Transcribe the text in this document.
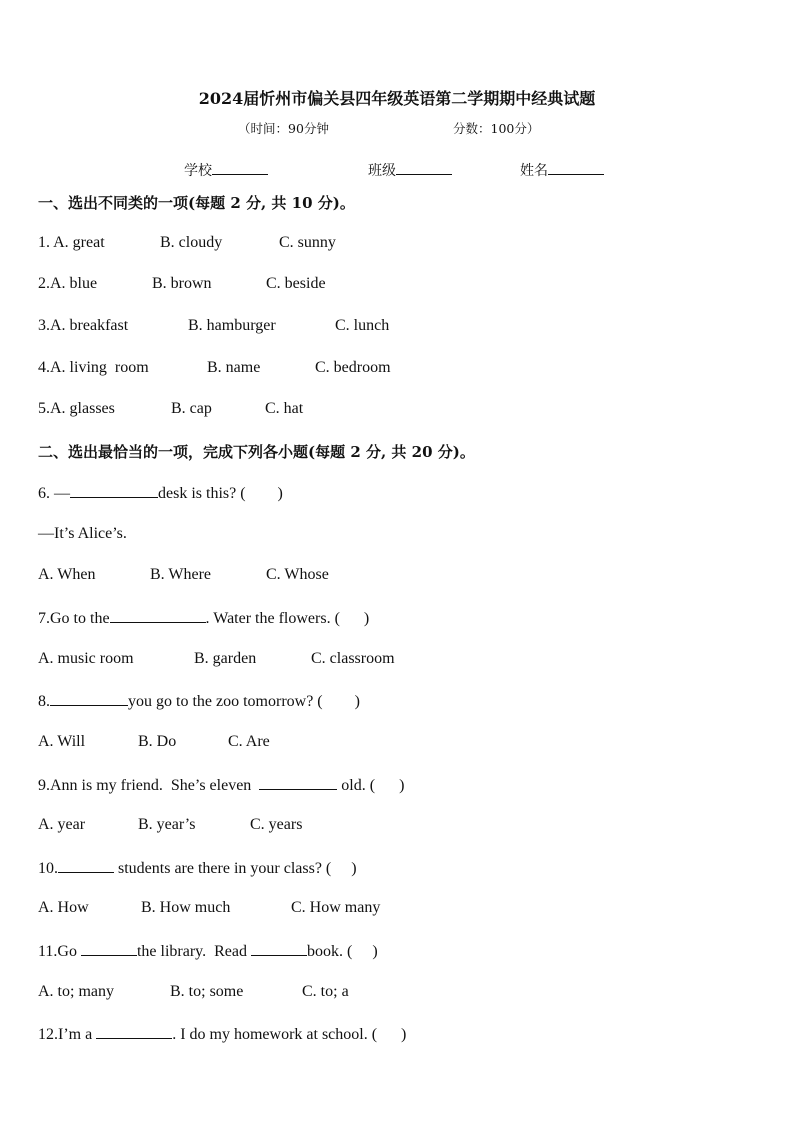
2024届忻州市偏关县四年级英语第二学期期中经典试题
（时间：90分钟	分数：100分）
学校	班级	姓名
一、选出不同类的一项(每题 2 分, 共 10 分)。
1. A. great	B. cloudy	C. sunny
2.A. blue	B. brown	C. beside
3.A. breakfast	B. hamburger	C. lunch
4.A. living  room	B. name	C. bedroom
5.A. glasses	B. cap	C. hat
二、选出最恰当的一项，完成下列各小题(每题 2 分, 共 20 分)。
6. —	desk is this? (        )
—It’s Alice’s.
A. When	B. Where	C. Whose
7.Go to the	. Water the flowers. (      )
A. music room	B. garden	C. classroom
8.	you go to the zoo tomorrow? (        )
A. Will	B. Do	C. Are
9.Ann is my friend.  She’s eleven	old. (      )
A. year	B. year’s	C. years
10.	students are there in your class? (     )
A. How	B. How much	C. How many
11.Go	the library.  Read	book. (     )
A. to; many	B. to; some	C. to; a
12.I’m a	. I do my homework at school. (      )
